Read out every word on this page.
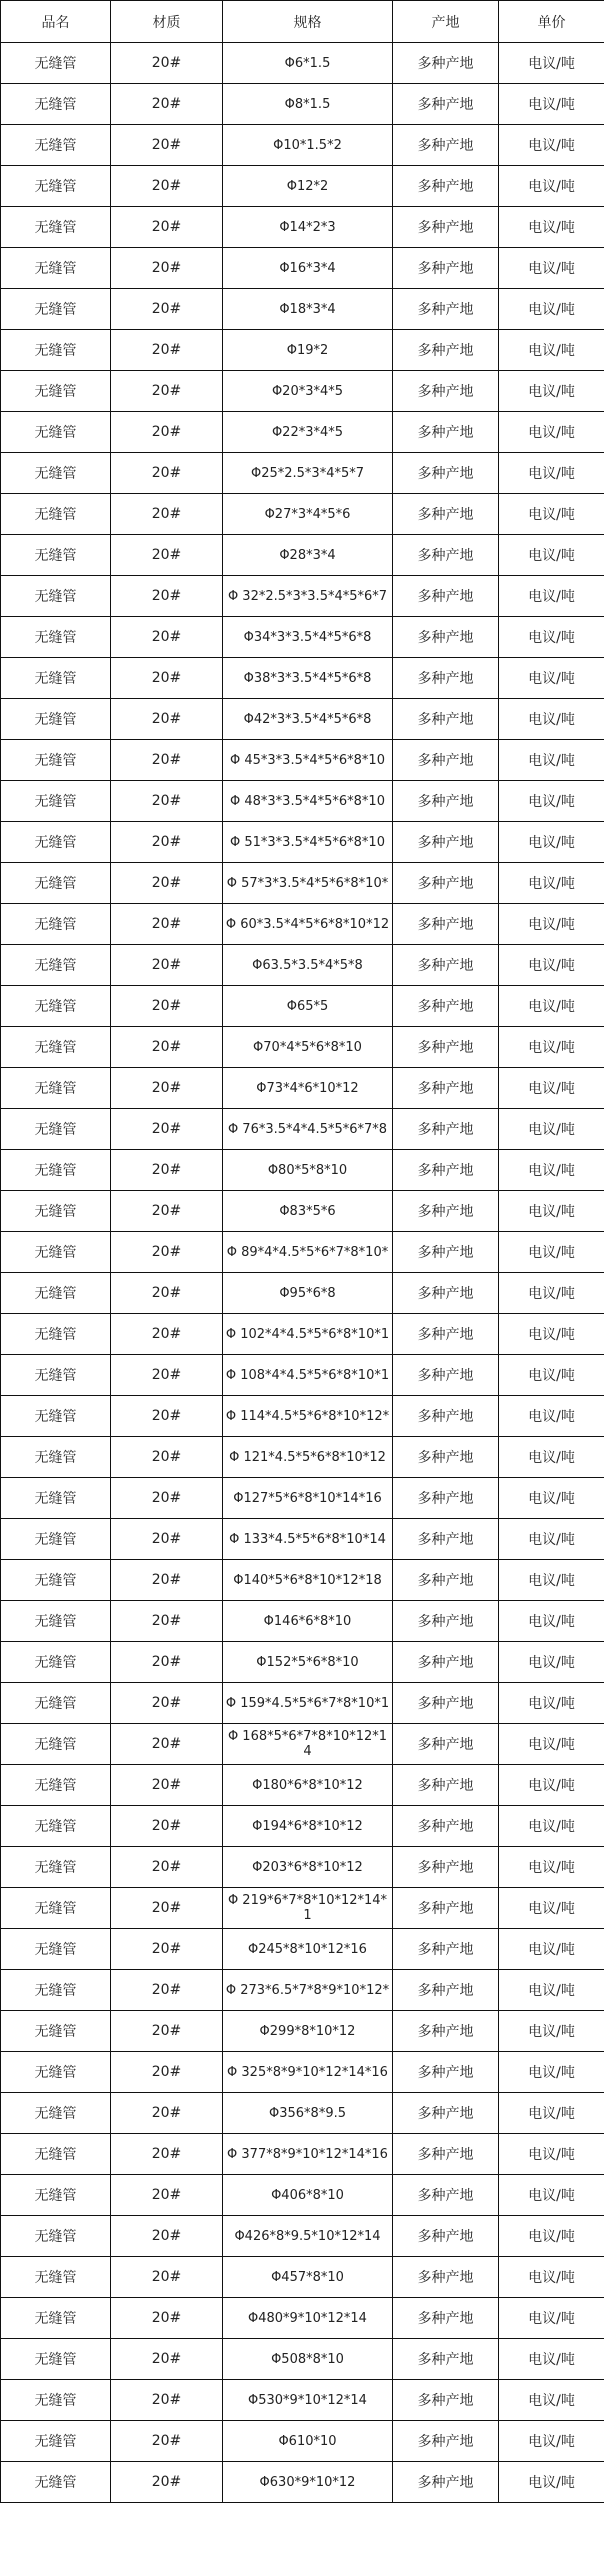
品名	材质	规格	产地	单价
无缝管	20#	Φ6*1.5	多种产地	电议/吨
无缝管	20#	Φ8*1.5	多种产地	电议/吨
无缝管	20#	Φ10*1.5*2	多种产地	电议/吨
无缝管	20#	Φ12*2	多种产地	电议/吨
无缝管	20#	Φ14*2*3	多种产地	电议/吨
无缝管	20#	Φ16*3*4	多种产地	电议/吨
无缝管	20#	Φ18*3*4	多种产地	电议/吨
无缝管	20#	Φ19*2	多种产地	电议/吨
无缝管	20#	Φ20*3*4*5	多种产地	电议/吨
无缝管	20#	Φ22*3*4*5	多种产地	电议/吨
无缝管	20#	Φ25*2.5*3*4*5*7	多种产地	电议/吨
无缝管	20#	Φ27*3*4*5*6	多种产地	电议/吨
无缝管	20#	Φ28*3*4	多种产地	电议/吨
无缝管	20#	Φ 32*2.5*3*3.5*4*5*6*7	多种产地	电议/吨
无缝管	20#	Φ34*3*3.5*4*5*6*8	多种产地	电议/吨
无缝管	20#	Φ38*3*3.5*4*5*6*8	多种产地	电议/吨
无缝管	20#	Φ42*3*3.5*4*5*6*8	多种产地	电议/吨
无缝管	20#	Φ 45*3*3.5*4*5*6*8*10	多种产地	电议/吨
无缝管	20#	Φ 48*3*3.5*4*5*6*8*10	多种产地	电议/吨
无缝管	20#	Φ 51*3*3.5*4*5*6*8*10	多种产地	电议/吨
无缝管	20#	Φ 57*3*3.5*4*5*6*8*10*	多种产地	电议/吨
无缝管	20#	Φ 60*3.5*4*5*6*8*10*12	多种产地	电议/吨
无缝管	20#	Φ63.5*3.5*4*5*8	多种产地	电议/吨
无缝管	20#	Φ65*5	多种产地	电议/吨
无缝管	20#	Φ70*4*5*6*8*10	多种产地	电议/吨
无缝管	20#	Φ73*4*6*10*12	多种产地	电议/吨
无缝管	20#	Φ 76*3.5*4*4.5*5*6*7*8	多种产地	电议/吨
无缝管	20#	Φ80*5*8*10	多种产地	电议/吨
无缝管	20#	Φ83*5*6	多种产地	电议/吨
无缝管	20#	Φ 89*4*4.5*5*6*7*8*10*	多种产地	电议/吨
无缝管	20#	Φ95*6*8	多种产地	电议/吨
无缝管	20#	Φ 102*4*4.5*5*6*8*10*1	多种产地	电议/吨
无缝管	20#	Φ 108*4*4.5*5*6*8*10*1	多种产地	电议/吨
无缝管	20#	Φ 114*4.5*5*6*8*10*12*	多种产地	电议/吨
无缝管	20#	Φ 121*4.5*5*6*8*10*12	多种产地	电议/吨
无缝管	20#	Φ127*5*6*8*10*14*16	多种产地	电议/吨
无缝管	20#	Φ 133*4.5*5*6*8*10*14	多种产地	电议/吨
无缝管	20#	Φ140*5*6*8*10*12*18	多种产地	电议/吨
无缝管	20#	Φ146*6*8*10	多种产地	电议/吨
无缝管	20#	Φ152*5*6*8*10	多种产地	电议/吨
无缝管	20#	Φ 159*4.5*5*6*7*8*10*1	多种产地	电议/吨
无缝管	20#	Φ 168*5*6*7*8*10*12*14	多种产地	电议/吨
无缝管	20#	Φ180*6*8*10*12	多种产地	电议/吨
无缝管	20#	Φ194*6*8*10*12	多种产地	电议/吨
无缝管	20#	Φ203*6*8*10*12	多种产地	电议/吨
无缝管	20#	Φ 219*6*7*8*10*12*14*1	多种产地	电议/吨
无缝管	20#	Φ245*8*10*12*16	多种产地	电议/吨
无缝管	20#	Φ 273*6.5*7*8*9*10*12*	多种产地	电议/吨
无缝管	20#	Φ299*8*10*12	多种产地	电议/吨
无缝管	20#	Φ 325*8*9*10*12*14*16	多种产地	电议/吨
无缝管	20#	Φ356*8*9.5	多种产地	电议/吨
无缝管	20#	Φ 377*8*9*10*12*14*16	多种产地	电议/吨
无缝管	20#	Φ406*8*10	多种产地	电议/吨
无缝管	20#	Φ426*8*9.5*10*12*14	多种产地	电议/吨
无缝管	20#	Φ457*8*10	多种产地	电议/吨
无缝管	20#	Φ480*9*10*12*14	多种产地	电议/吨
无缝管	20#	Φ508*8*10	多种产地	电议/吨
无缝管	20#	Φ530*9*10*12*14	多种产地	电议/吨
无缝管	20#	Φ610*10	多种产地	电议/吨
无缝管	20#	Φ630*9*10*12	多种产地	电议/吨
